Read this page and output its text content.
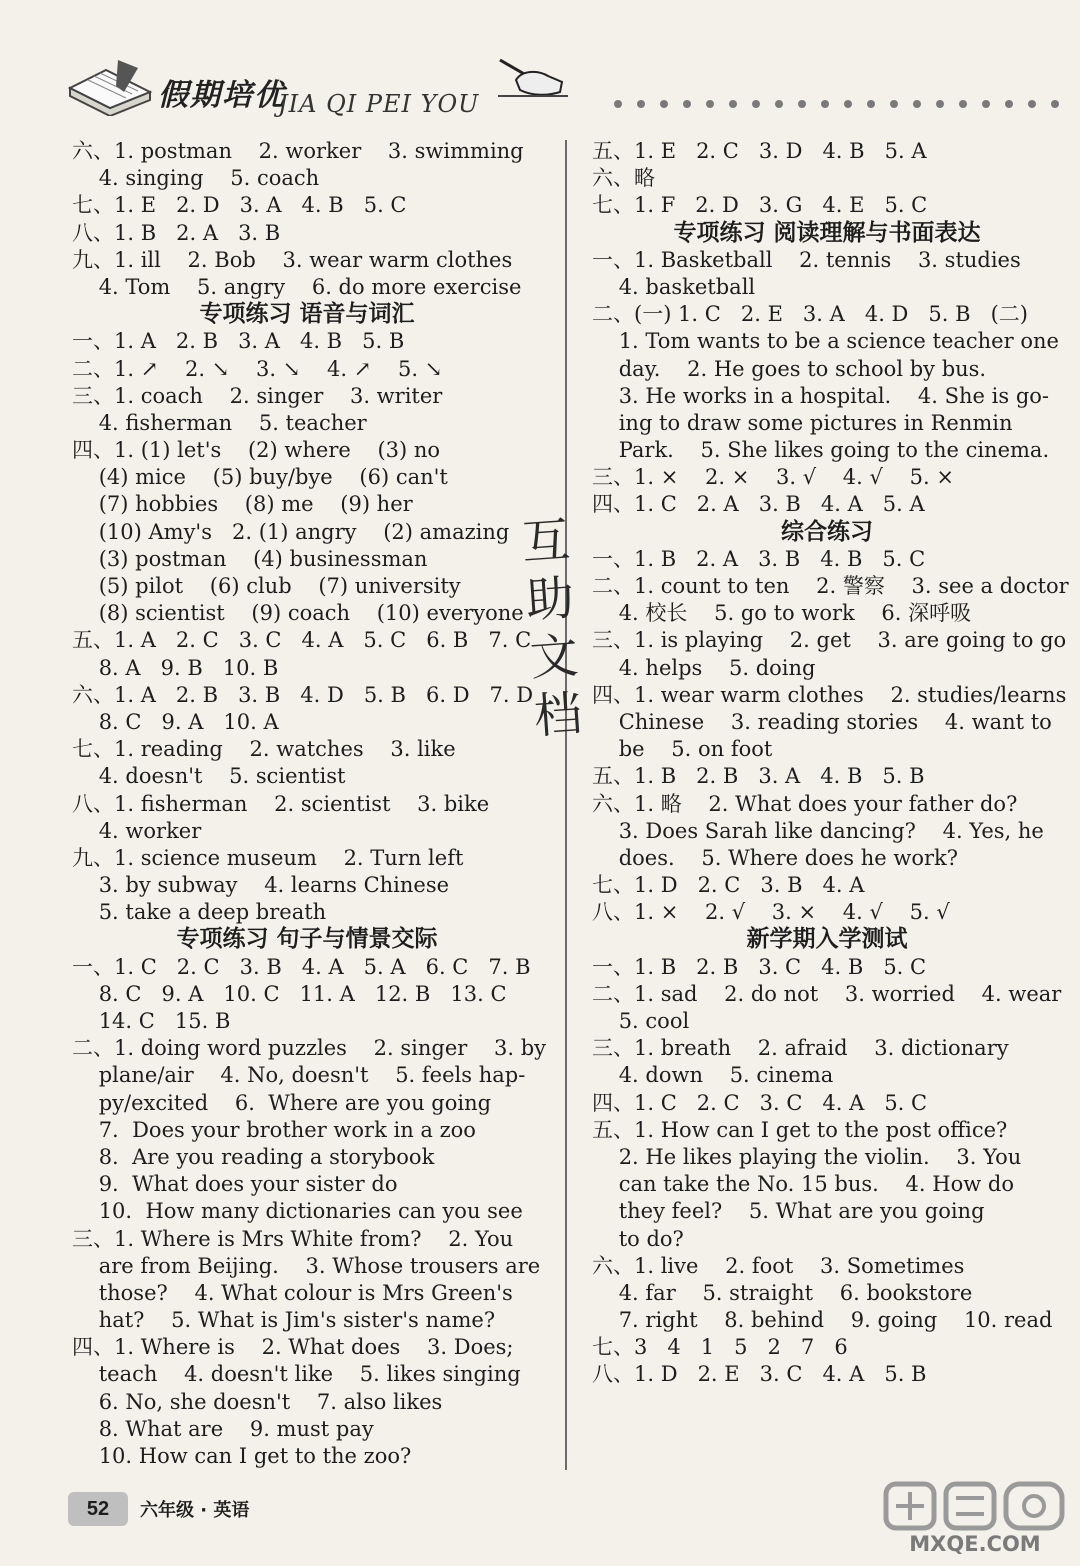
假期培优
JIA QI PEI YOU
六、1. postman    2. worker    3. swimming
4. singing    5. coach
七、1. E   2. D   3. A   4. B   5. C
八、1. B   2. A   3. B
九、1. ill    2. Bob    3. wear warm clothes
4. Tom    5. angry    6. do more exercise
专项练习 语音与词汇
一、1. A   2. B   3. A   4. B   5. B
二、1. ↗    2. ↘    3. ↘    4. ↗    5. ↘
三、1. coach    2. singer    3. writer
4. fisherman    5. teacher
四、1. (1) let's    (2) where    (3) no
(4) mice    (5) buy/bye    (6) can't
(7) hobbies    (8) me    (9) her
(10) Amy's   2. (1) angry    (2) amazing
(3) postman    (4) businessman
(5) pilot    (6) club    (7) university
(8) scientist    (9) coach    (10) everyone
五、1. A   2. C   3. C   4. A   5. C   6. B   7. C
8. A   9. B   10. B
六、1. A   2. B   3. B   4. D   5. B   6. D   7. D
8. C   9. A   10. A
七、1. reading    2. watches    3. like
4. doesn't    5. scientist
八、1. fisherman    2. scientist    3. bike
4. worker
九、1. science museum    2. Turn left
3. by subway    4. learns Chinese
5. take a deep breath
专项练习 句子与情景交际
一、1. C   2. C   3. B   4. A   5. A   6. C   7. B
8. C   9. A   10. C   11. A   12. B   13. C
14. C   15. B
二、1. doing word puzzles    2. singer    3. by
plane/air    4. No, doesn't    5. feels hap-
py/excited    6.  Where are you going
7.  Does your brother work in a zoo
8.  Are you reading a storybook
9.  What does your sister do
10.  How many dictionaries can you see
三、1. Where is Mrs White from?    2. You
are from Beijing.    3. Whose trousers are
those?    4. What colour is Mrs Green's
hat?    5. What is Jim's sister's name?
四、1. Where is    2. What does    3. Does;
teach    4. doesn't like    5. likes singing
6. No, she doesn't    7. also likes
8. What are    9. must pay
10. How can I get to the zoo?
五、1. E   2. C   3. D   4. B   5. A
六、略
七、1. F   2. D   3. G   4. E   5. C
专项练习 阅读理解与书面表达
一、1. Basketball    2. tennis    3. studies
4. basketball
二、(一) 1. C   2. E   3. A   4. D   5. B   (二)
1. Tom wants to be a science teacher one
day.    2. He goes to school by bus.
3. He works in a hospital.    4. She is go-
ing to draw some pictures in Renmin
Park.    5. She likes going to the cinema.
三、1. ×    2. ×    3. √    4. √    5. ×
四、1. C   2. A   3. B   4. A   5. A
综合练习
一、1. B   2. A   3. B   4. B   5. C
二、1. count to ten    2. 警察    3. see a doctor
4. 校长    5. go to work    6. 深呼吸
三、1. is playing    2. get    3. are going to go
4. helps    5. doing
四、1. wear warm clothes    2. studies/learns
Chinese    3. reading stories    4. want to
be    5. on foot
五、1. B   2. B   3. A   4. B   5. B
六、1. 略    2. What does your father do?
3. Does Sarah like dancing?    4. Yes, he
does.    5. Where does he work?
七、1. D   2. C   3. B   4. A
八、1. ×    2. √    3. ×    4. √    5. √
新学期入学测试
一、1. B   2. B   3. C   4. B   5. C
二、1. sad    2. do not    3. worried    4. wear
5. cool
三、1. breath    2. afraid    3. dictionary
4. down    5. cinema
四、1. C   2. C   3. C   4. A   5. C
五、1. How can I get to the post office?
2. He likes playing the violin.    3. You
can take the No. 15 bus.    4. How do
they feel?    5. What are you going
to do?
六、1. live    2. foot    3. Sometimes
4. far    5. straight    6. bookstore
7. right    8. behind    9. going    10. read
七、3   4   1   5   2   7   6
八、1. D   2. E   3. C   4. A   5. B
互助文档
52	六年级 · 英语
MXQE.COM
